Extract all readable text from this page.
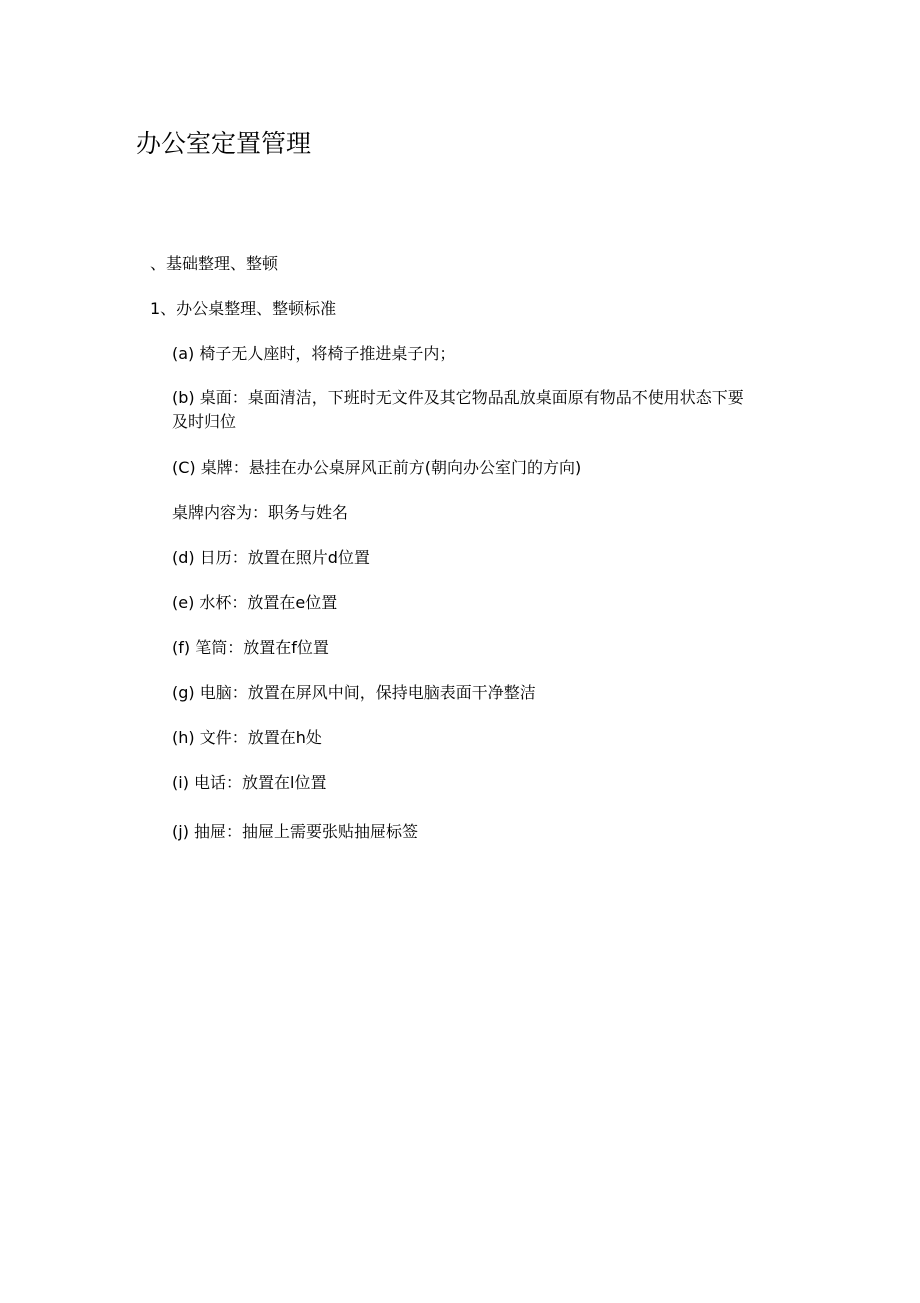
办公室定置管理
、基础整理、整顿
1、办公桌整理、整顿标准
(a) 椅子无人座时，将椅子推进桌子内；
(b) 桌面：桌面清洁，下班时无文件及其它物品乱放桌面原有物品不使用状态下要及时归位
(C) 桌牌：悬挂在办公桌屏风正前方(朝向办公室门的方向)
桌牌内容为：职务与姓名
(d) 日历：放置在照片d位置
(e) 水杯：放置在e位置
(f) 笔筒：放置在f位置
(g) 电脑：放置在屏风中间，保持电脑表面干净整洁
(h) 文件：放置在h处
(i) 电话：放置在l位置
(j) 抽屉：抽屉上需要张贴抽屉标签
